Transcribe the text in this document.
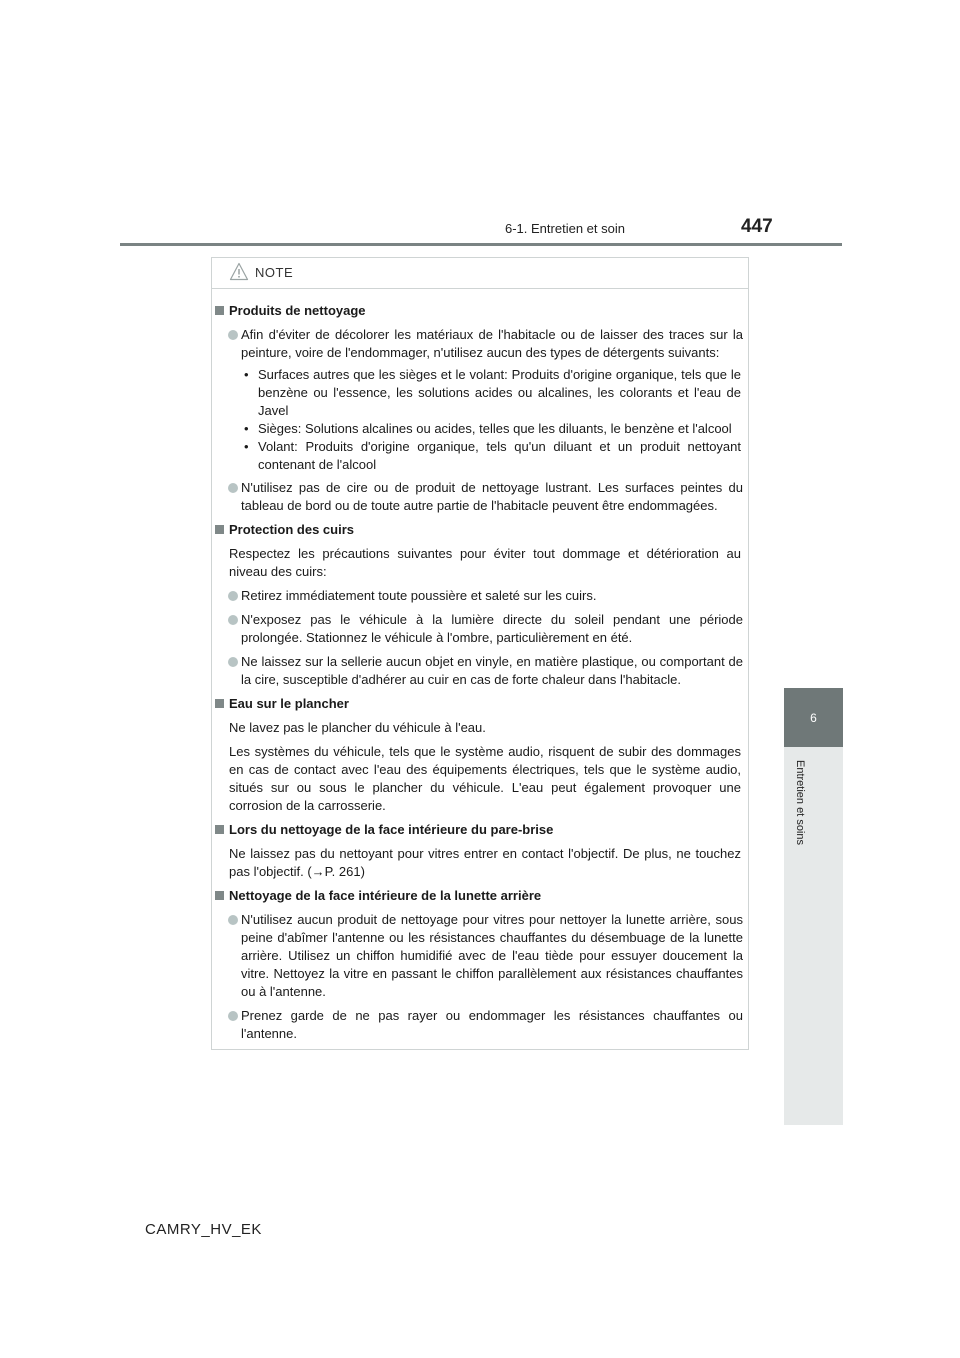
6-1. Entretien et soin	447
6
Entretien et soins
NOTE
Produits de nettoyage
Afin d'éviter de décolorer les matériaux de l'habitacle ou de laisser des traces sur la peinture, voire de l'endommager, n'utilisez aucun des types de détergents suivants:
• Surfaces autres que les sièges et le volant: Produits d'origine organique, tels que le benzène ou l'essence, les solutions acides ou alcalines, les colorants et l'eau de Javel
• Sièges: Solutions alcalines ou acides, telles que les diluants, le benzène et l'alcool
• Volant: Produits d'origine organique, tels qu'un diluant et un produit nettoyant contenant de l'alcool
N'utilisez pas de cire ou de produit de nettoyage lustrant. Les surfaces peintes du tableau de bord ou de toute autre partie de l'habitacle peuvent être endommagées.
Protection des cuirs
Respectez les précautions suivantes pour éviter tout dommage et détérioration au niveau des cuirs:
Retirez immédiatement toute poussière et saleté sur les cuirs.
N'exposez pas le véhicule à la lumière directe du soleil pendant une période prolongée. Stationnez le véhicule à l'ombre, particulièrement en été.
Ne laissez sur la sellerie aucun objet en vinyle, en matière plastique, ou comportant de la cire, susceptible d'adhérer au cuir en cas de forte chaleur dans l'habitacle.
Eau sur le plancher
Ne lavez pas le plancher du véhicule à l'eau.
Les systèmes du véhicule, tels que le système audio, risquent de subir des dommages en cas de contact avec l'eau des équipements électriques, tels que le système audio, situés sur ou sous le plancher du véhicule. L'eau peut également provoquer une corrosion de la carrosserie.
Lors du nettoyage de la face intérieure du pare-brise
Ne laissez pas du nettoyant pour vitres entrer en contact l'objectif. De plus, ne touchez pas l'objectif. (→P. 261)
Nettoyage de la face intérieure de la lunette arrière
N'utilisez aucun produit de nettoyage pour vitres pour nettoyer la lunette arrière, sous peine d'abîmer l'antenne ou les résistances chauffantes du désembuage de la lunette arrière. Utilisez un chiffon humidifié avec de l'eau tiède pour essuyer doucement la vitre. Nettoyez la vitre en passant le chiffon parallèlement aux résistances chauffantes ou à l'antenne.
Prenez garde de ne pas rayer ou endommager les résistances chauffantes ou l'antenne.
CAMRY_HV_EK
